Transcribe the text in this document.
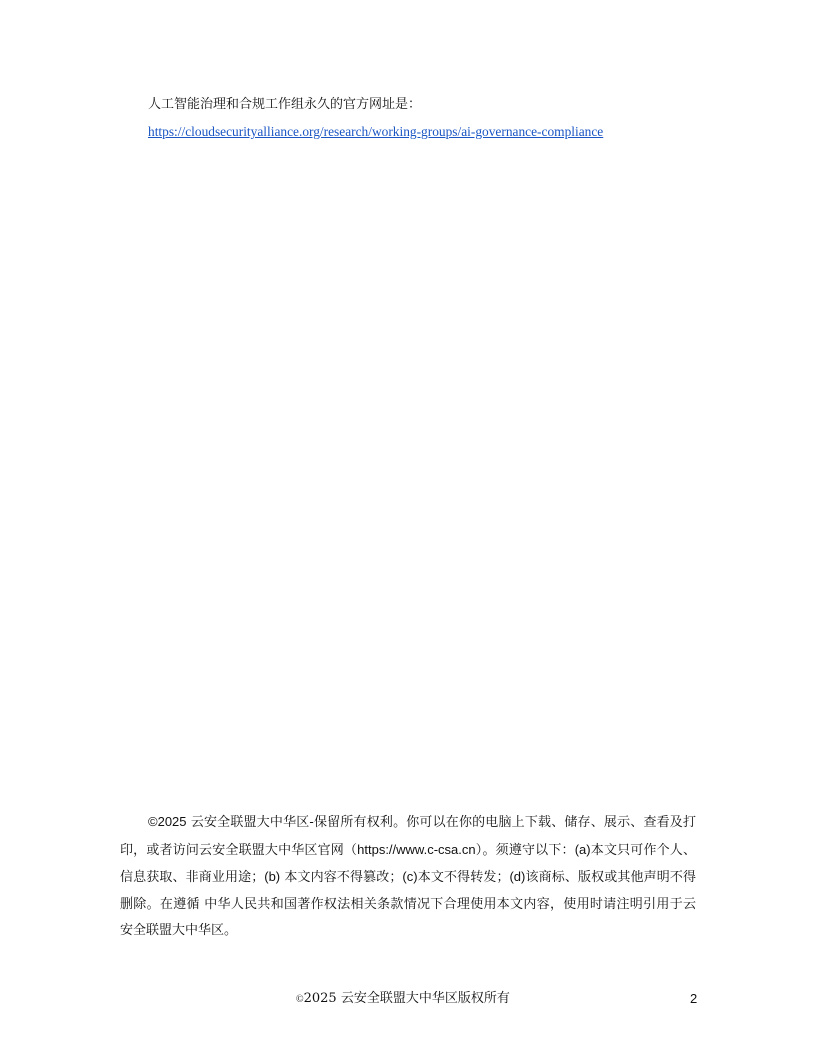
人工智能治理和合规工作组永久的官方网址是：
https://cloudsecurityalliance.org/research/working-groups/ai-governance-compliance

©2025 云安全联盟大中华区-保留所有权利。你可以在你的电脑上下载、储存、展示、查看及打印，或者访问云安全联盟大中华区官网（https://www.c-csa.cn）。须遵守以下：(a)本文只可作个人、信息获取、非商业用途；(b) 本文内容不得篡改；(c)本文不得转发；(d)该商标、版权或其他声明不得删除。在遵循 中华人民共和国著作权法相关条款情况下合理使用本文内容，使用时请注明引用于云安全联盟大中华区。

©2025 云安全联盟大中华区版权所有	2
